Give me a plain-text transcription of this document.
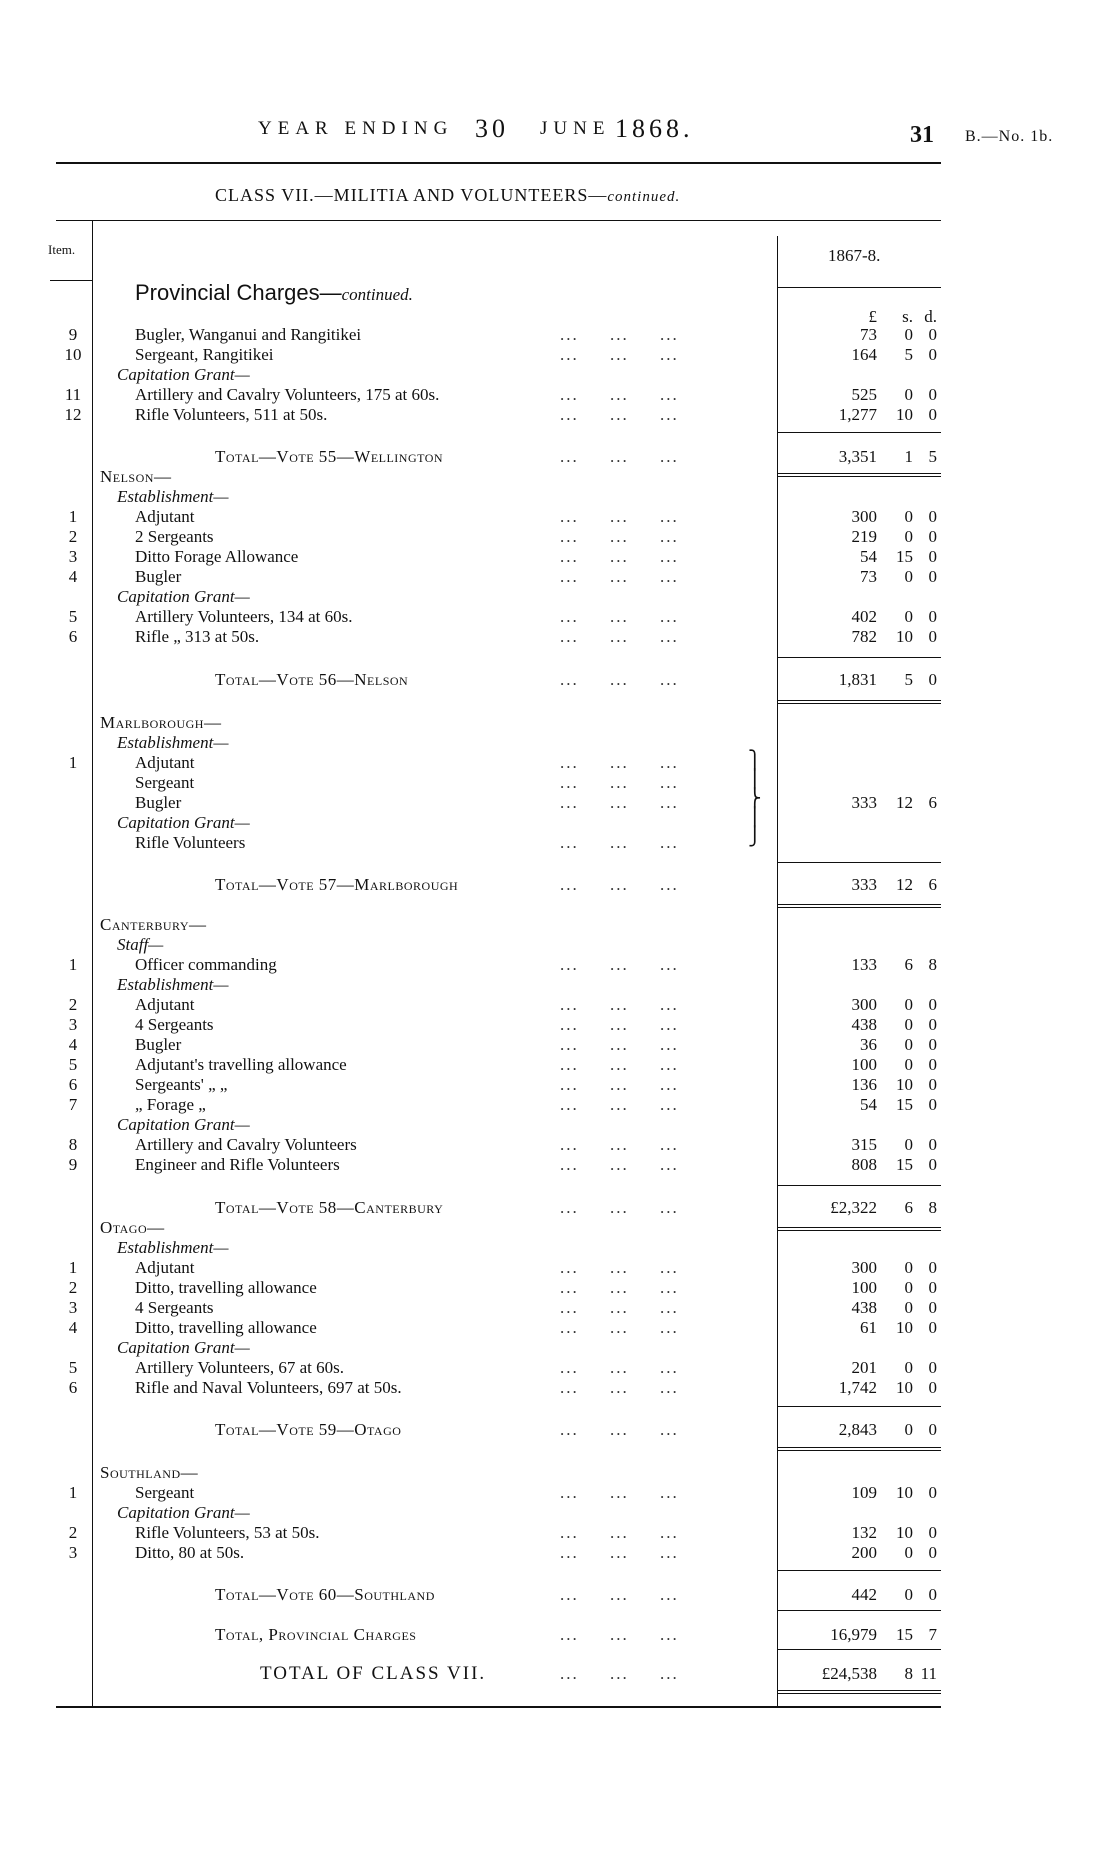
YEAR ENDING 30 JUNE 1868.	31 B.—No. 1b.
CLASS VII.—MILITIA AND VOLUNTEERS—continued.
Item.	1867-8.
Provincial Charges—continued.
£	s. d.
9	Bugler, Wanganui and Rangitikei	...     ...     ...	73	0 0
10	Sergeant, Rangitikei	...     ...     ...	164	5 0
Capitation Grant—
11	Artillery and Cavalry Volunteers, 175 at 60s.	...     ...     ...	525	0 0
12	Rifle Volunteers, 511 at 50s.	...     ...     ...	1,277	10 0
Total—Vote 55—Wellington	...     ...     ...	3,351	1 5
Nelson—
Establishment—
1	Adjutant	...     ...     ...	300	0 0
2	2 Sergeants	...     ...     ...	219	0 0
3	Ditto Forage Allowance	...     ...     ...	54	15 0
4	Bugler	...     ...     ...	73	0 0
Capitation Grant—
5	Artillery Volunteers, 134 at 60s.	...     ...     ...	402	0 0
6	Rifle „ 313 at 50s.	...     ...     ...	782	10 0
Total—Vote 56—Nelson	...     ...     ...	1,831	5 0
Marlborough—
Establishment—
1	Adjutant	...     ...     ...
Sergeant	...     ...     ...
Bugler	...     ...     ...	333	12 6
Capitation Grant—
Rifle Volunteers	...     ...     ...
Total—Vote 57—Marlborough	...     ...     ...	333	12 6
Canterbury—
Staff—
1	Officer commanding	...     ...     ...	133	6 8
Establishment—
2	Adjutant	...     ...     ...	300	0 0
3	4 Sergeants	...     ...     ...	438	0 0
4	Bugler	...     ...     ...	36	0 0
5	Adjutant's travelling allowance	...     ...     ...	100	0 0
6	Sergeants' „ „	...     ...     ...	136	10 0
7	„ Forage „	...     ...     ...	54	15 0
Capitation Grant—
8	Artillery and Cavalry Volunteers	...     ...     ...	315	0 0
9	Engineer and Rifle Volunteers	...     ...     ...	808	15 0
Total—Vote 58—Canterbury	...     ...     ...	£2,322	6 8
Otago—
Establishment—
1	Adjutant	...     ...     ...	300	0 0
2	Ditto, travelling allowance	...     ...     ...	100	0 0
3	4 Sergeants	...     ...     ...	438	0 0
4	Ditto, travelling allowance	...     ...     ...	61	10 0
Capitation Grant—
5	Artillery Volunteers, 67 at 60s.	...     ...     ...	201	0 0
6	Rifle and Naval Volunteers, 697 at 50s.	...     ...     ...	1,742	10 0
Total—Vote 59—Otago	...     ...     ...	2,843	0 0
Southland—
1	Sergeant	...     ...     ...	109	10 0
Capitation Grant—
2	Rifle Volunteers, 53 at 50s.	...     ...     ...	132	10 0
3	Ditto, 80 at 50s.	...     ...     ...	200	0 0
Total—Vote 60—Southland	...     ...     ...	442	0 0
Total, Provincial Charges	...     ...     ...	16,979	15 7
TOTAL OF CLASS VII.	...     ...     ...	£24,538	8 11
⎫
⎪
⎬
⎪
⎭
